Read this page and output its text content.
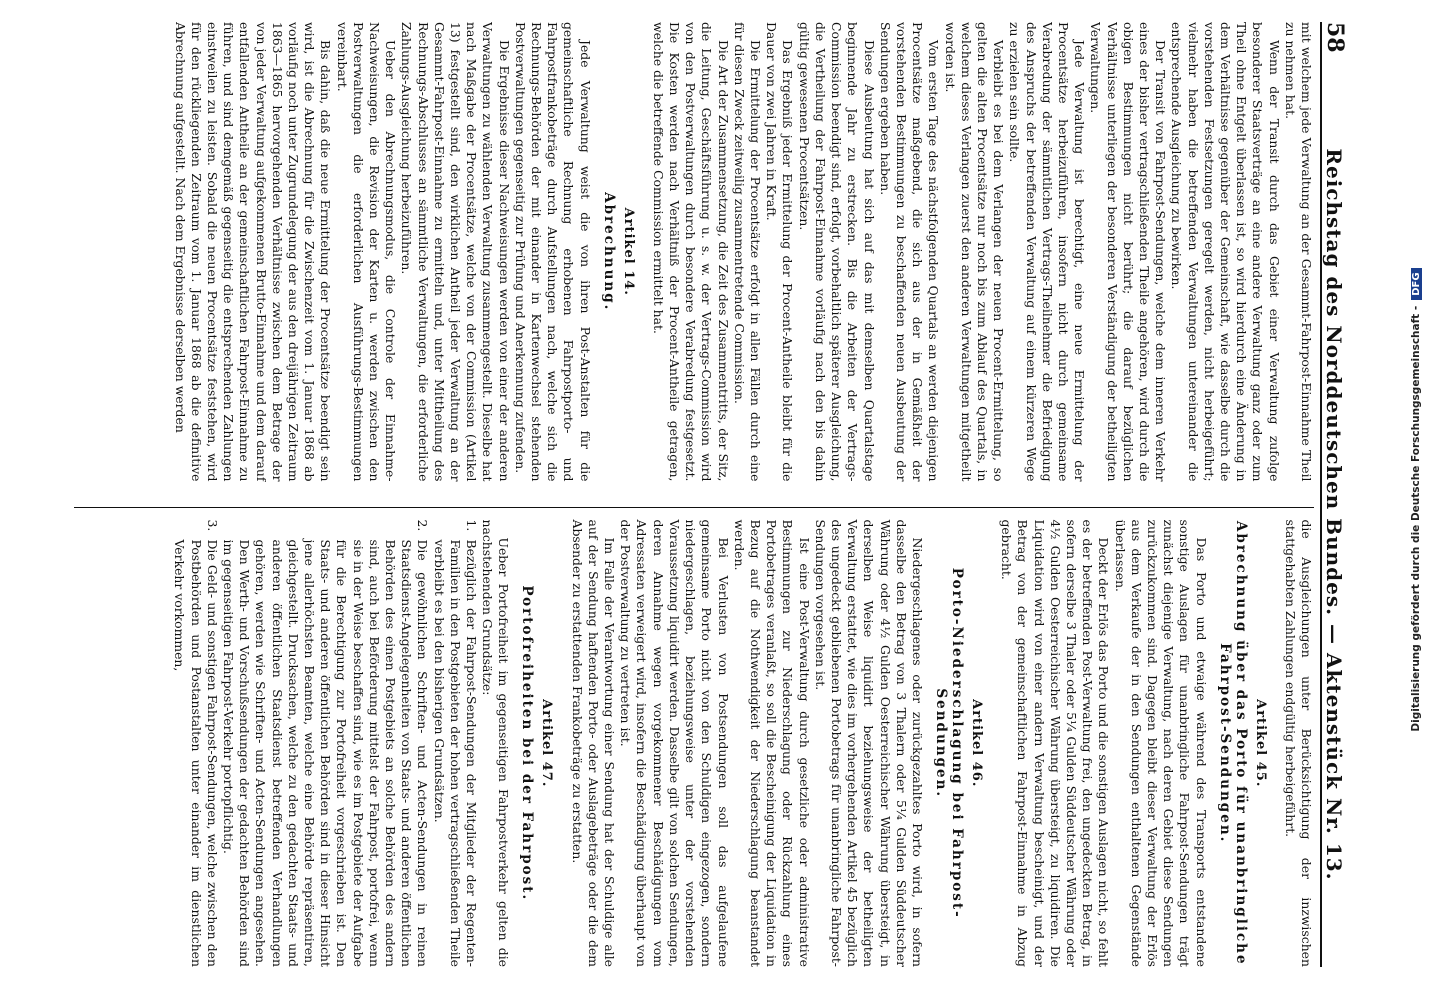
58
Reichstag des Norddeutschen Bundes. — Aktenstück Nr. 13.

mit welchem jede Verwaltung an der Gesammt-Fahrpost-Einnahme Theil zu nehmen hat.

Wenn der Transit durch das Gebiet einer Verwaltung zufolge besonderer Staatsverträge an eine andere Verwaltung ganz oder zum Theil ohne Entgelt überlassen ist, so wird hierdurch eine Änderung in dem Verhältnisse gegenüber der Gemeinschaft, wie dasselbe durch die vorstehenden Festsetzungen geregelt werden, nicht herbeigeführt; vielmehr haben die betreffenden Verwaltungen untereinander die entsprechende Ausgleichung zu bewirken.

Der Transit von Fahrpost-Sendungen, welche dem inneren Verkehr eines der bisher vertragschließenden Theile angehören, wird durch die obigen Bestimmungen nicht berührt; die darauf bezüglichen Verhältnisse unterliegen der besonderen Verständigung der betheiligten Verwaltungen.

Jede Verwaltung ist berechtigt, eine neue Ermittelung der Procentsätze herbeizuführen, insofern nicht durch gemeinsame Verabredung der sämmtlichen Vertrags-Theilnehmer die Befriedigung des Anspruchs der betreffenden Verwaltung auf einem kürzeren Wege zu erzielen sein sollte.

Verbleibt es bei dem Verlangen der neuen Procent-Ermittelung, so gelten die alten Procentsätze nur noch bis zum Ablauf des Quartals, in welchem dieses Verlangen zuerst den anderen Verwaltungen mitgetheilt worden ist.

Vom ersten Tage des nächstfolgenden Quartals an werden diejenigen Procentsätze maßgebend, die sich aus der in Gemäßheit der vorstehenden Bestimmungen zu beschaffenden neuen Ausbeutung der Sendungen ergeben haben.

Diese Ausbeutung hat sich auf das mit demselben Quartalstage beginnende Jahr zu erstrecken. Bis die Arbeiten der Vertrags-Commission beendigt sind, erfolgt, vorbehaltlich späterer Ausgleichung, die Vertheilung der Fahrpost-Einnahme vorläufig nach den bis dahin gültig gewesenen Procentsätzen.

Das Ergebniß jeder Ermittelung der Procent-Antheile bleibt für die Dauer von zwei Jahren in Kraft.

Die Ermittelung der Procentsätze erfolgt in allen Fällen durch eine für diesen Zweck zeitweilig zusammentretende Commission.

Die Art der Zusammensetzung, die Zeit des Zusammentritts, der Sitz, die Leitung, Geschäftsführung u. s. w. der Vertrags-Commission wird von den Postverwaltungen durch besondere Verabredung festgesetzt. Die Kosten werden nach Verhältniß der Procent-Antheile getragen, welche die betreffende Commission ermittelt hat.

Artikel 14.
Abrechnung.

Jede Verwaltung weist die von ihren Post-Anstalten für die gemeinschaftliche Rechnung erhobenen Fahrpostporto- und Fahrpostfrankobeträge durch Aufstellungen nach, welche sich die Rechnungs-Behörden der mit einander in Kartenwechsel stehenden Postverwaltungen gegenseitig zur Prüfung und Anerkennung zufenden.

Die Ergebnisse dieser Nachweisungen werden von einer der anderen Verwaltungen zu wählenden Verwaltung zusammengestellt. Dieselbe hat nach Maßgabe der Procentsätze, welche von der Commission (Artikel 13) festgestellt sind, den wirklichen Antheil jeder Verwaltung an der Gesammt-Fahrpost-Einnahme zu ermitteln und, unter Mittheilung des Rechnungs-Abschlusses an sämmtliche Verwaltungen, die erforderliche Zahlungs-Ausgleichung herbeizuführen.

Ueber den Abrechnungsmodus, die Controle der Einnahme-Nachweisungen, die Revision der Karten u. werden zwischen den Postverwaltungen die erforderlichen Ausführungs-Bestimmungen vereinbart.

Bis dahin, daß die neue Ermittelung der Procentsätze beendigt sein wird, ist die Abrechnung für die Zwischenzeit vom 1. Januar 1868 ab vorläufig noch unter Zugrundelegung der aus den dreijährigen Zeitraum 1863—1865 hervorgehenden Verhältnisse zwischen dem Betrage der von jeder Verwaltung aufgekommenen Brutto-Einnahme und dem darauf entfallenden Antheile an der gemeinschaftlichen Fahrpost-Einnahme zu führen, und sind demgemäß gegenseitig die entsprechenden Zahlungen einstweilen zu leisten. Sobald die neuen Procentsätze feststehen, wird für den rückliegenden Zeitraum vom 1. Januar 1868 ab die definitive Abrechnung aufgestellt. Nach dem Ergebnisse derselben werden

die Ausgleichungen unter Berücksichtigung der inzwischen stattgehabten Zahlungen endgültig herbeigeführt.

Artikel 45.
Abrechnung über das Porto für unanbringliche Fahrpost-Sendungen.

Das Porto und etwaige während des Transports entstandene sonstige Auslagen für unanbringliche Fahrpost-Sendungen trägt zunächst diejenige Verwaltung, nach deren Gebiet diese Sendungen zurückzukommen sind. Dagegen bleibt dieser Verwaltung der Erlös aus dem Verkaufe der in den Sendungen enthaltenen Gegenstände überlassen.

Deckt der Erlös das Porto und die sonstigen Auslagen nicht, so fehlt es der betreffenden Post-Verwaltung frei, den ungedeckten Betrag, in sofern derselbe 3 Thaler oder 5¼ Gulden Süddeutscher Währung oder 4½ Gulden Oesterreichischer Währung übersteigt, zu liquidiren. Die Liquidation wird von einer andern Verwaltung bescheinigt, und der Betrag von der gemeinschaftlichen Fahrpost-Einnahme in Abzug gebracht.

Artikel 46.
Porto-Niederschlagung bei Fahrpost-Sendungen.

Niedergeschlagenes oder zurückgezahltes Porto wird, in sofern dasselbe den Betrag von 3 Thalern oder 5¼ Gulden Süddeutscher Währung oder 4½ Gulden Oesterreichischer Währung übersteigt, in derselben Weise liquidirt beziehungsweise der betheiligten Verwaltung erstattet, wie dies im vorhergehenden Artikel 45 bezüglich des ungedeckt gebliebenen Portobetrags für unanbringliche Fahrpost-Sendungen vorgesehen ist.

Ist eine Post-Verwaltung durch gesetzliche oder administrative Bestimmungen zur Niederschlagung oder Rückzahlung eines Portobetrages veranlaßt, so soll die Bescheinigung der Liquidation in Bezug auf die Nothwendigkeit der Niederschlagung beanstandet werden.

Bei Verlusten von Postsendungen soll das aufgelaufene gemeinsame Porto nicht von den Schuldigen eingezogen, sondern niedergeschlagen, beziehungsweise unter der vorstehenden Voraussetzung liquidirt werden. Dasselbe gilt von solchen Sendungen, deren Annahme wegen vorgekommener Beschädigungen vom Adressaten verweigert wird, insofern die Beschädigung überhaupt von der Postverwaltung zu vertreten ist.

Im Falle der Verantwortung einer Sendung hat der Schuldige alle auf der Sendung haftenden Porto- oder Auslagebeträge oder die dem Absender zu erstattenden Frankobeträge zu erstatten.

Artikel 47.
Portofreiheiten bei der Fahrpost.

Ueber Portofreiheit im gegenseitigen Fahrpostverkehr gelten die nachstehenden Grundsätze:

1.
Bezüglich der Fahrpost-Sendungen der Mitglieder der Regenten-Familien in den Postgebieten der hohen vertragschließenden Theile verbleibt es bei den bisherigen Grundsätzen.
2.
Die gewöhnlichen Schriften- und Acten-Sendungen in reinen Staatsdienst-Angelegenheiten von Staats- und anderen öffentlichen Behörden des einen Postgebiets an solche Behörden des andern sind, auch bei Beförderung mittelst der Fahrpost, portofrei, wenn sie in der Weise beschaffen sind, wie es im Postgebiete der Aufgabe für die Berechtigung zur Portofreiheit vorgeschrieben ist. Den Staats- und anderen öffentlichen Behörden sind in dieser Hinsicht jene allerhöchsten Beamten, welche eine Behörde repräsentiren, gleichgestellt. Drucksachen, welche zu den gedachten Staats- und anderen öffentlichen Staatsdienst betreffenden Verhandlungen gehören, werden wie Schriften- und Acten-Sendungen angesehen. Den Werth- und Vorschußsendungen der gedachten Behörden sind im gegenseitigen Fahrpost-Verkehr portopflichtig.
3.
Die Geld- und sonstigen Fahrpost-Sendungen, welche zwischen den Postbehörden und Postanstalten unter einander im dienstlichen Verkehr vorkommen,	Digitalisierung gefördert durch die Deutsche Forschungsgemeinschaft -
DFG
